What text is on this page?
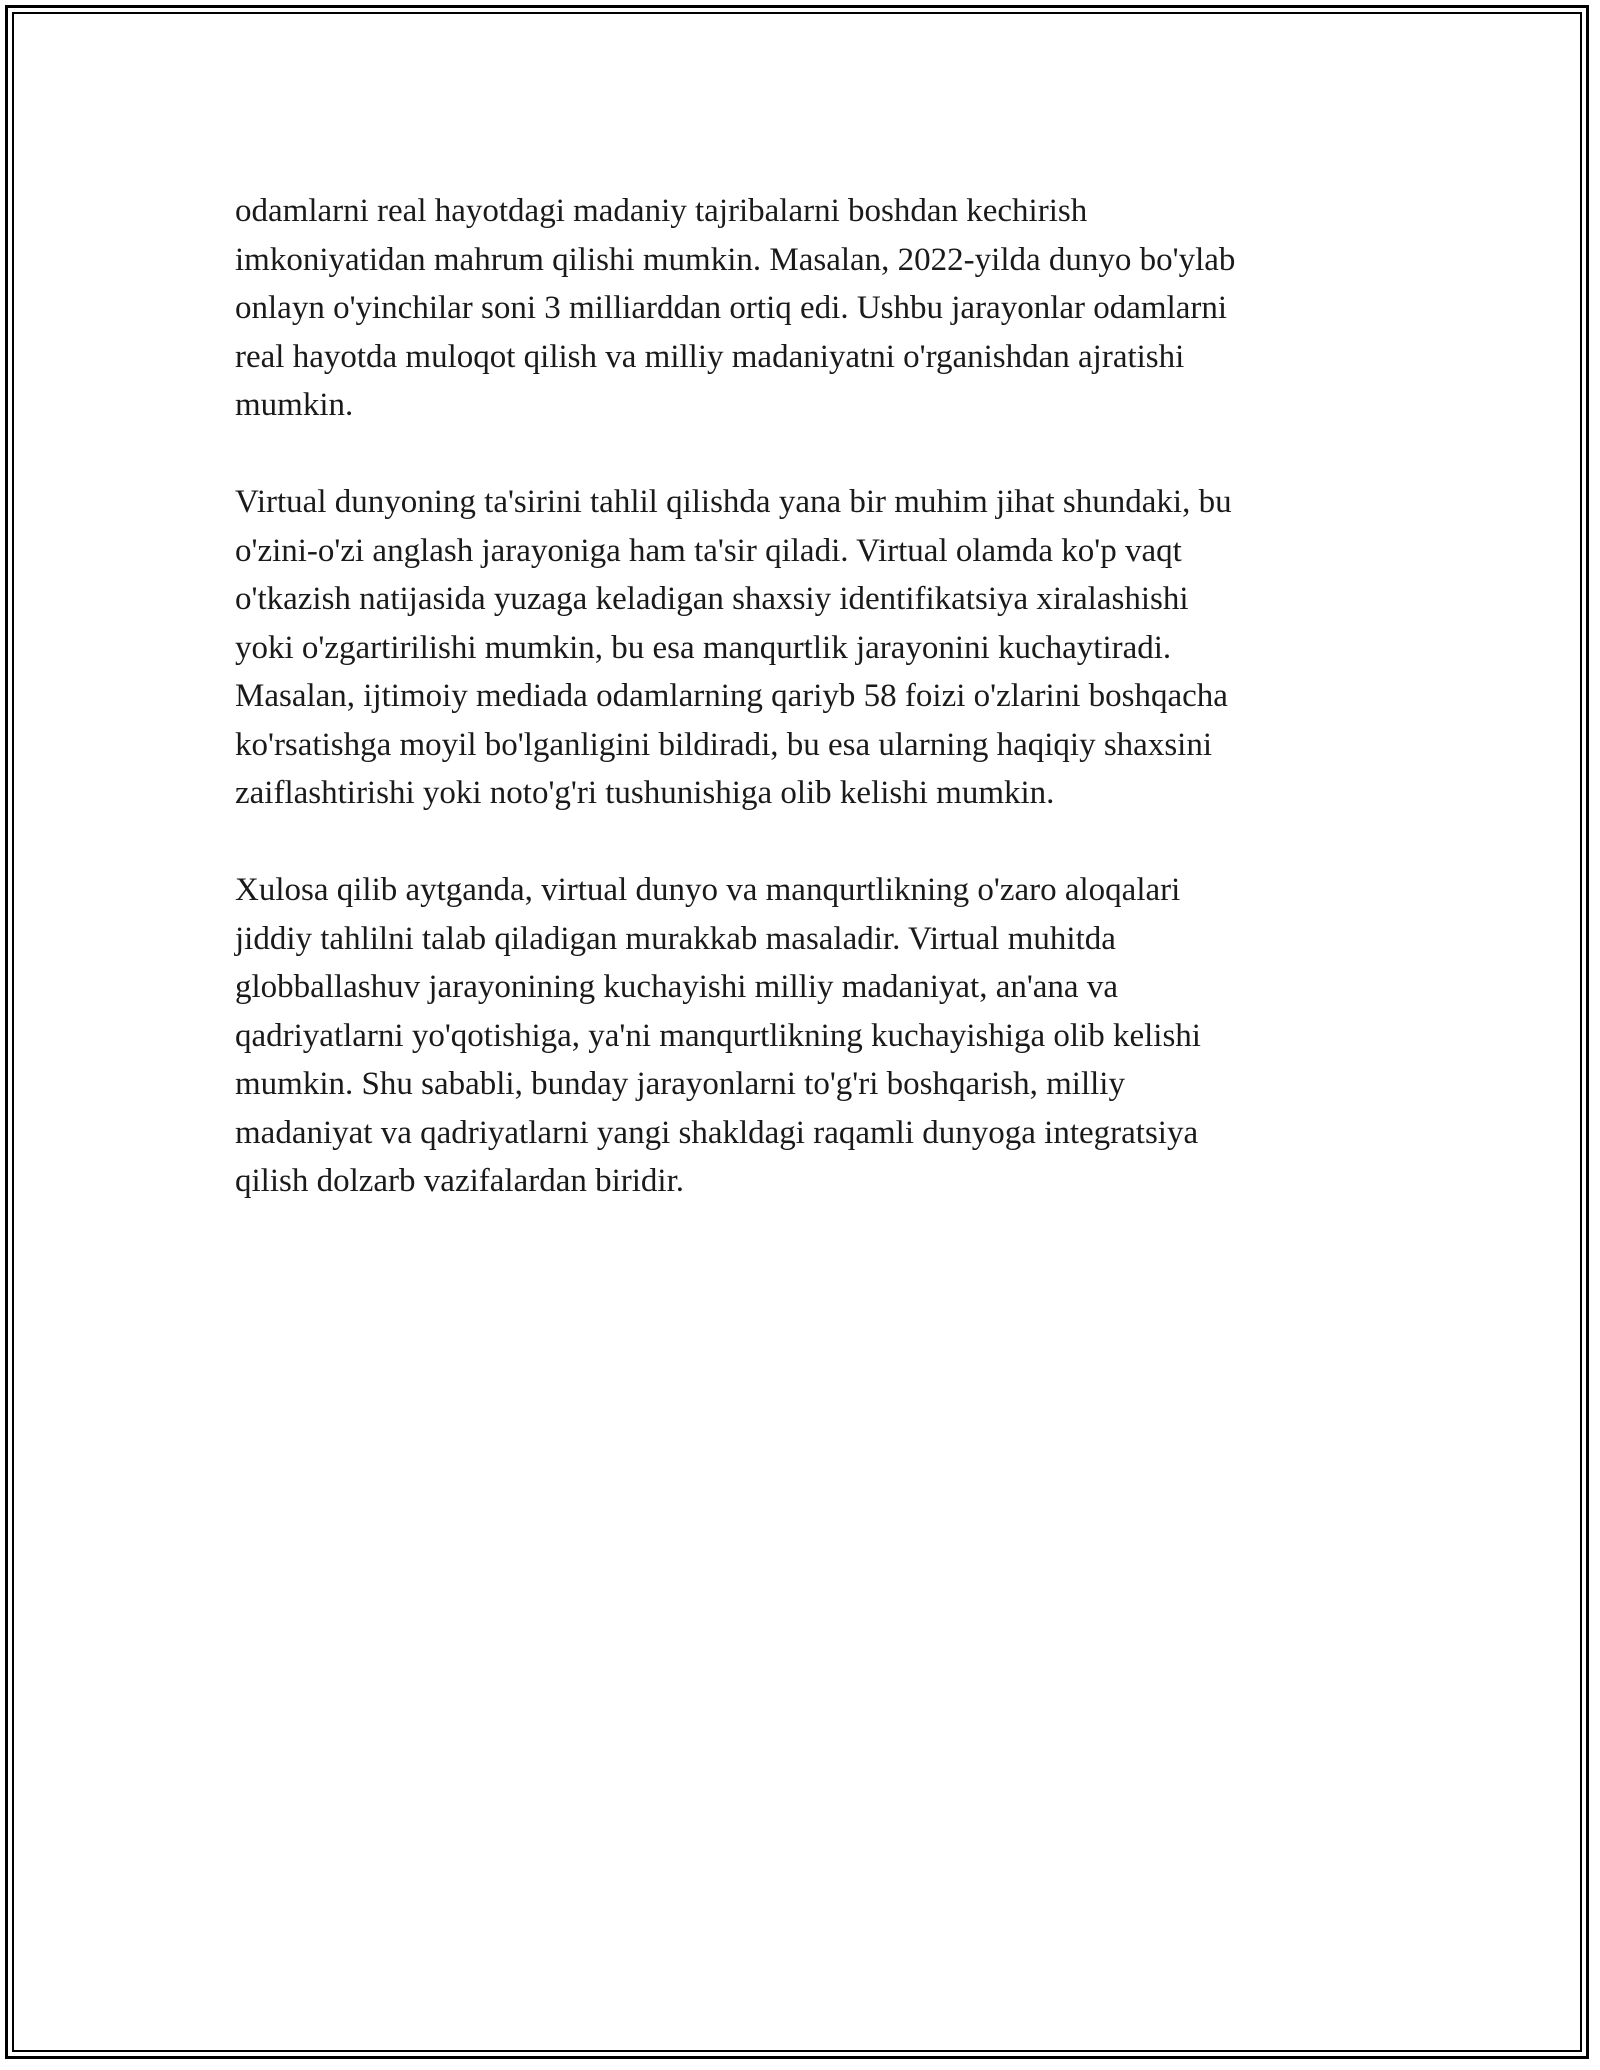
odamlarni real hayotdagi madaniy tajribalarni boshdan kechirish
imkoniyatidan mahrum qilishi mumkin. Masalan, 2022-yilda dunyo bo'ylab
onlayn o'yinchilar soni 3 milliarddan ortiq edi. Ushbu jarayonlar odamlarni
real hayotda muloqot qilish va milliy madaniyatni o'rganishdan ajratishi
mumkin.

Virtual dunyoning ta'sirini tahlil qilishda yana bir muhim jihat shundaki, bu
o'zini-o'zi anglash jarayoniga ham ta'sir qiladi. Virtual olamda ko'p vaqt
o'tkazish natijasida yuzaga keladigan shaxsiy identifikatsiya xiralashishi
yoki o'zgartirilishi mumkin, bu esa manqurtlik jarayonini kuchaytiradi.
Masalan, ijtimoiy mediada odamlarning qariyb 58 foizi o'zlarini boshqacha
ko'rsatishga moyil bo'lganligini bildiradi, bu esa ularning haqiqiy shaxsini
zaiflashtirishi yoki noto'g'ri tushunishiga olib kelishi mumkin.

Xulosa qilib aytganda, virtual dunyo va manqurtlikning o'zaro aloqalari
jiddiy tahlilni talab qiladigan murakkab masaladir. Virtual muhitda
globballashuv jarayonining kuchayishi milliy madaniyat, an'ana va
qadriyatlarni yo'qotishiga, ya'ni manqurtlikning kuchayishiga olib kelishi
mumkin. Shu sababli, bunday jarayonlarni to'g'ri boshqarish, milliy
madaniyat va qadriyatlarni yangi shakldagi raqamli dunyoga integratsiya
qilish dolzarb vazifalardan biridir.
